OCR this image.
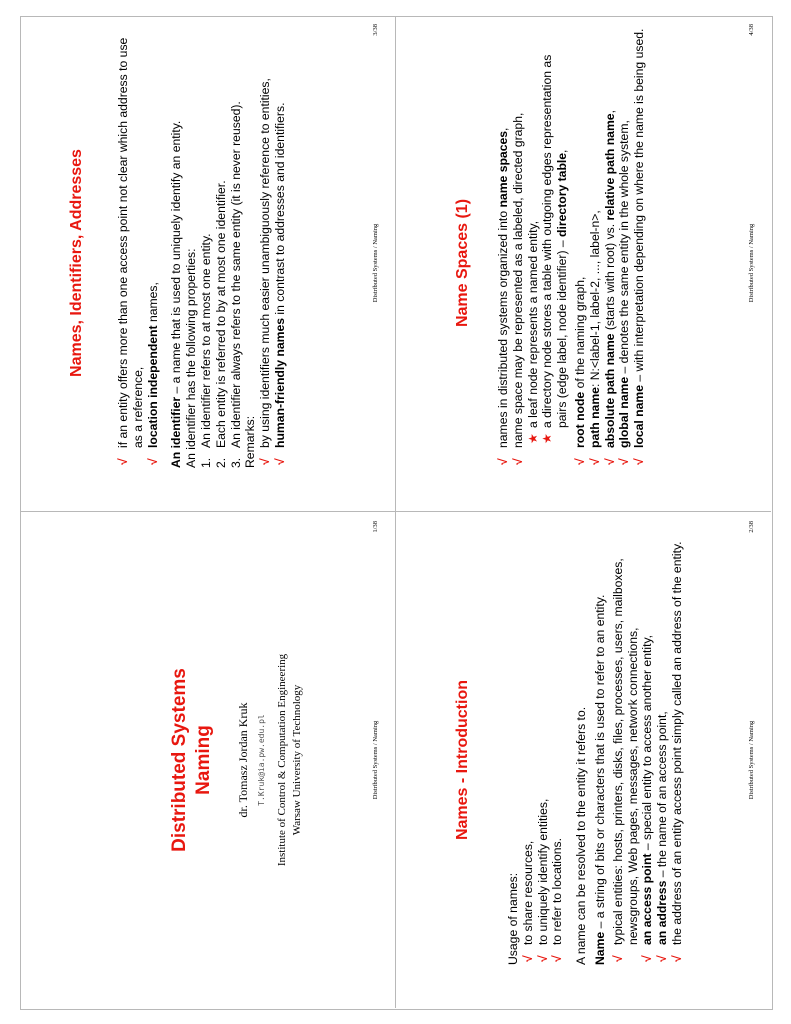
Distributed Systems Naming dr. Tomasz Jordan Kruk T.Kruk@ia.pw.edu.pl Institute of Control & Computation Engineering Warsaw University of Technology	Distributed Systems / Naming
1/38
Names - Introduction

Usage of names: √
to share resources,

√
to uniquely identify entities,

√
to refer to locations. A name can be resolved to the entity it refers to. Name – a string of bits or characters that is used to refer to an entity.

√
typical entities: hosts, printers, disks, files, processes, users, mailboxes, newsgroups, Web pages, messages, network connections,

√
an access point – special entity to access another entity,

√
an address – the name of an access point,

√
the address of an entity access point simply called an address of the entity.	Distributed Systems / Naming
2/38
Names, Identifiers, Addresses

√
if an entity offers more than one access point not clear which address to use as a reference,

√
location independent names,

An identifier – a name that is used to uniquely identify an entity. An identifier has the following properties: 1.
An identifier refers to at most one entity.

2.
Each entity is referred to by at most one identifier.

3.
An identifier always refers to the same entity (it is never reused). Remarks: √
by using identifiers much easier unambiguously reference to entities,

√
human-friendly names in contrast to addresses and identifiers.	Distributed Systems / Naming
3/38
Name Spaces (1)

√
names in distributed systems organized into name spaces,

√
name space may be represented as a labeled, directed graph, ★
a leaf node represents a named entity,

★
a directory node stores a table with outgoing edges representation as pairs (edge label, node identifier) – directory table,

√
root node of the naming graph,

√
path name: N:<label-1, label-2, ..., label-n>,

√
absolute path name (starts with root) vs. relative path name,

√
global name – denotes the same entity in the whole system,

√
local name – with interpretation depending on where the name is being used.	Distributed Systems / Naming
4/38
